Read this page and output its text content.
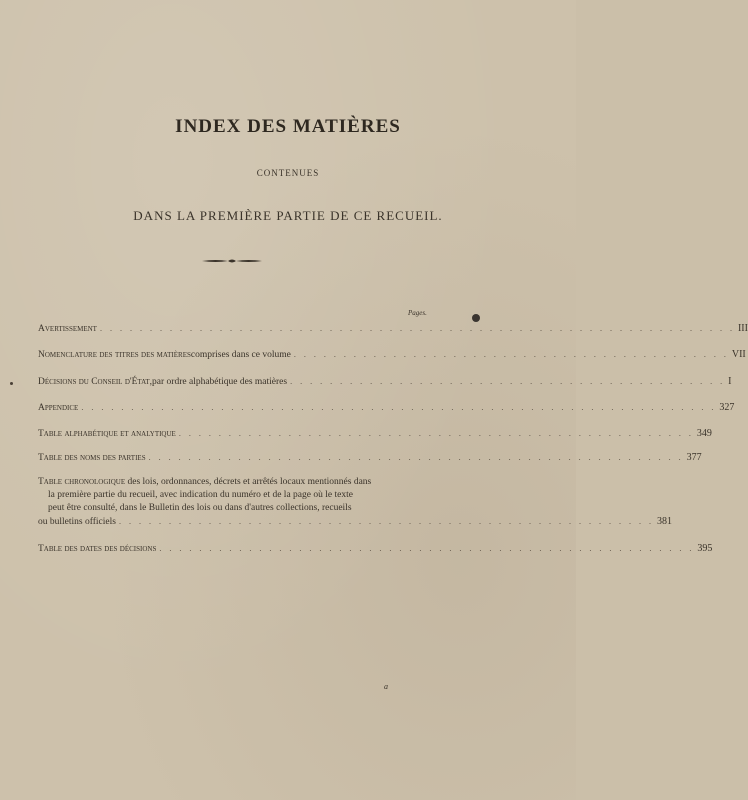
INDEX DES MATIÈRES
CONTENUES
DANS LA PREMIÈRE PARTIE DE CE RECUEIL.
Pages.
Avertissement . . . . . . . . . . . . . . . . . . . . . . . . . . . . . . . . . . . . . . . . . . . . . . . . . . . . . . . . . . . . . . . . III
Nomenclature des titres des matières comprises dans ce volume . . . . . . . . . . . . . . . . . . . . . . . . . . . . . . . . . . . . . . . . . . . . VII
Décisions du Conseil d'État, par ordre alphabétique des matières . . . . . . . . . . . . . . . . . . . . . . . . . . . . . . . . . . . . . . . . . . . . I
Appendice . . . . . . . . . . . . . . . . . . . . . . . . . . . . . . . . . . . . . . . . . . . . . . . . . . . . . . . . . . . . . . . . 327
Table alphabétique et analytique . . . . . . . . . . . . . . . . . . . . . . . . . . . . . . . . . . . . . . . . . . . . . . . . . . . . 349
Table des noms des parties . . . . . . . . . . . . . . . . . . . . . . . . . . . . . . . . . . . . . . . . . . . . . . . . . . . . . . 377
Table chronologique des lois, ordonnances, décrets et arrêtés locaux mentionnés dans
la première partie du recueil, avec indication du numéro et de la page où le texte
peut être consulté, dans le Bulletin des lois ou dans d'autres collections, recueils
ou bulletins officiels . . . . . . . . . . . . . . . . . . . . . . . . . . . . . . . . . . . . . . . . . . . . . . . . . . . . . . 381
Table des dates des décisions . . . . . . . . . . . . . . . . . . . . . . . . . . . . . . . . . . . . . . . . . . . . . . . . . . . . . . 395
a
